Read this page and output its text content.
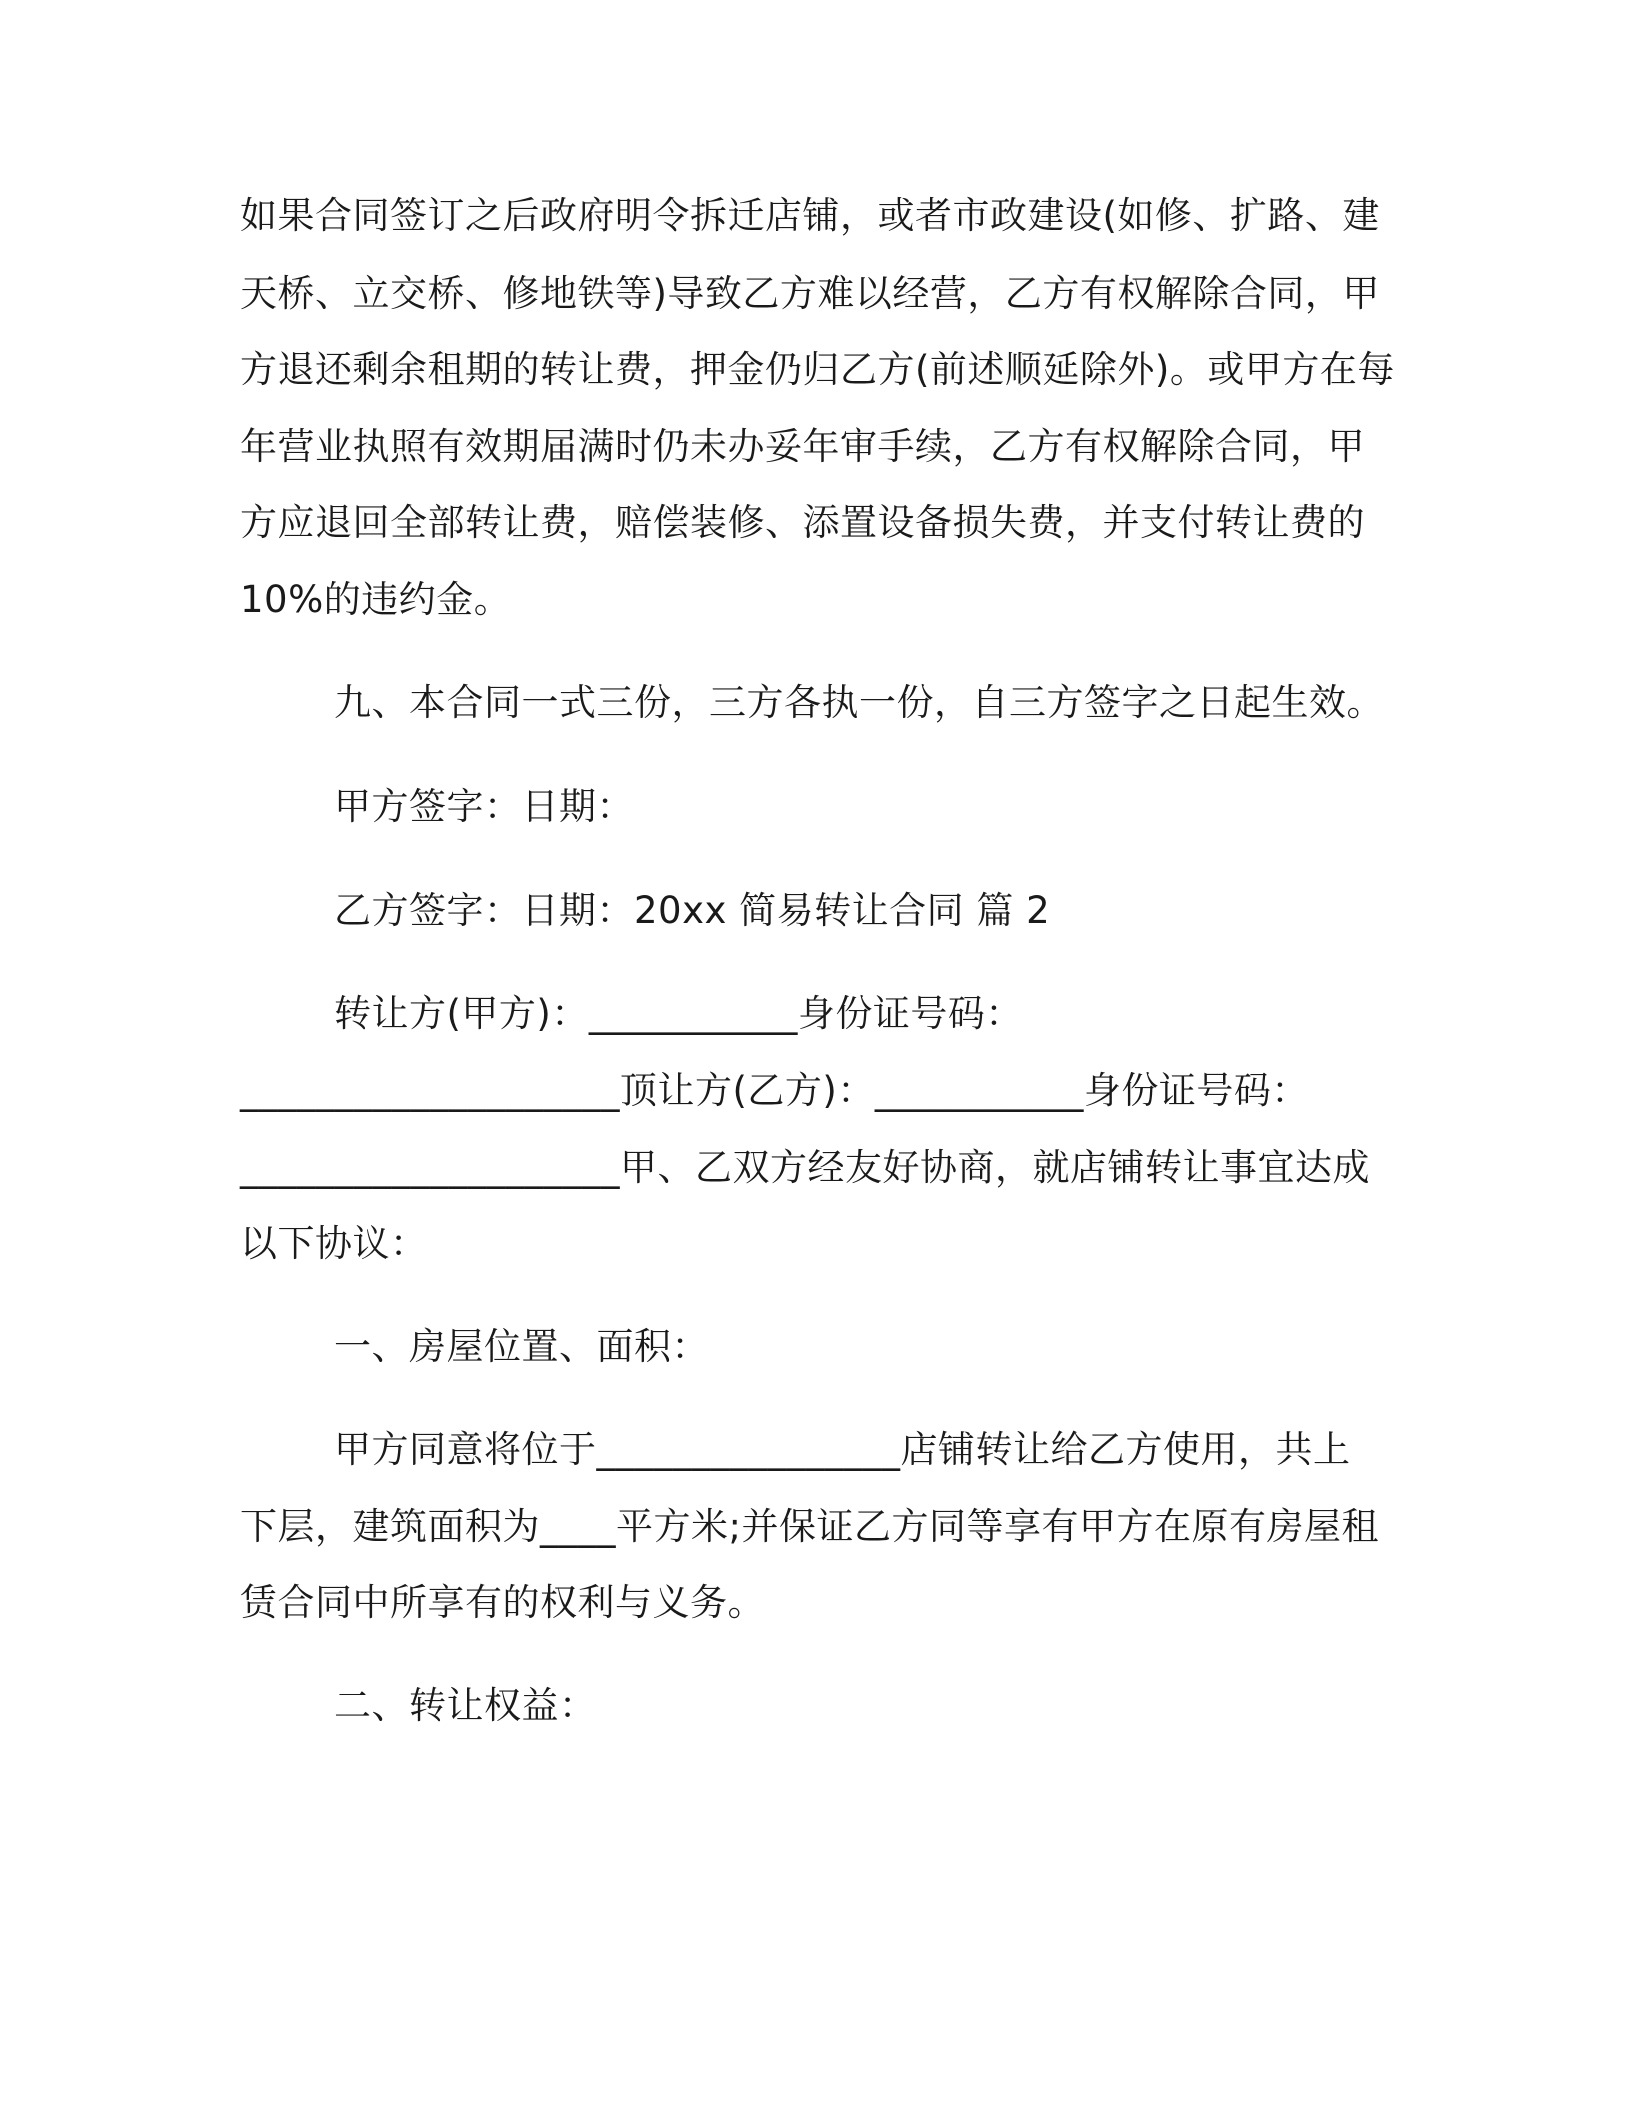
如果合同签订之后政府明令拆迁店铺，或者市政建设(如修、扩路、建
天桥、立交桥、修地铁等)导致乙方难以经营，乙方有权解除合同，甲
方退还剩余租期的转让费，押金仍归乙方(前述顺延除外)。或甲方在每
年营业执照有效期届满时仍未办妥年审手续，乙方有权解除合同，甲
方应退回全部转让费，赔偿装修、添置设备损失费，并支付转让费的
10%的违约金。
九、本合同一式三份，三方各执一份，自三方签字之日起生效。
甲方签字：日期：
乙方签字：日期：20xx 简易转让合同 篇 2
转让方(甲方)：___________身份证号码：
____________________顶让方(乙方)：___________身份证号码：
____________________甲、乙双方经友好协商，就店铺转让事宜达成
以下协议：
一、房屋位置、面积：
甲方同意将位于________________店铺转让给乙方使用，共上
下层，建筑面积为____平方米;并保证乙方同等享有甲方在原有房屋租
赁合同中所享有的权利与义务。
二、转让权益：
